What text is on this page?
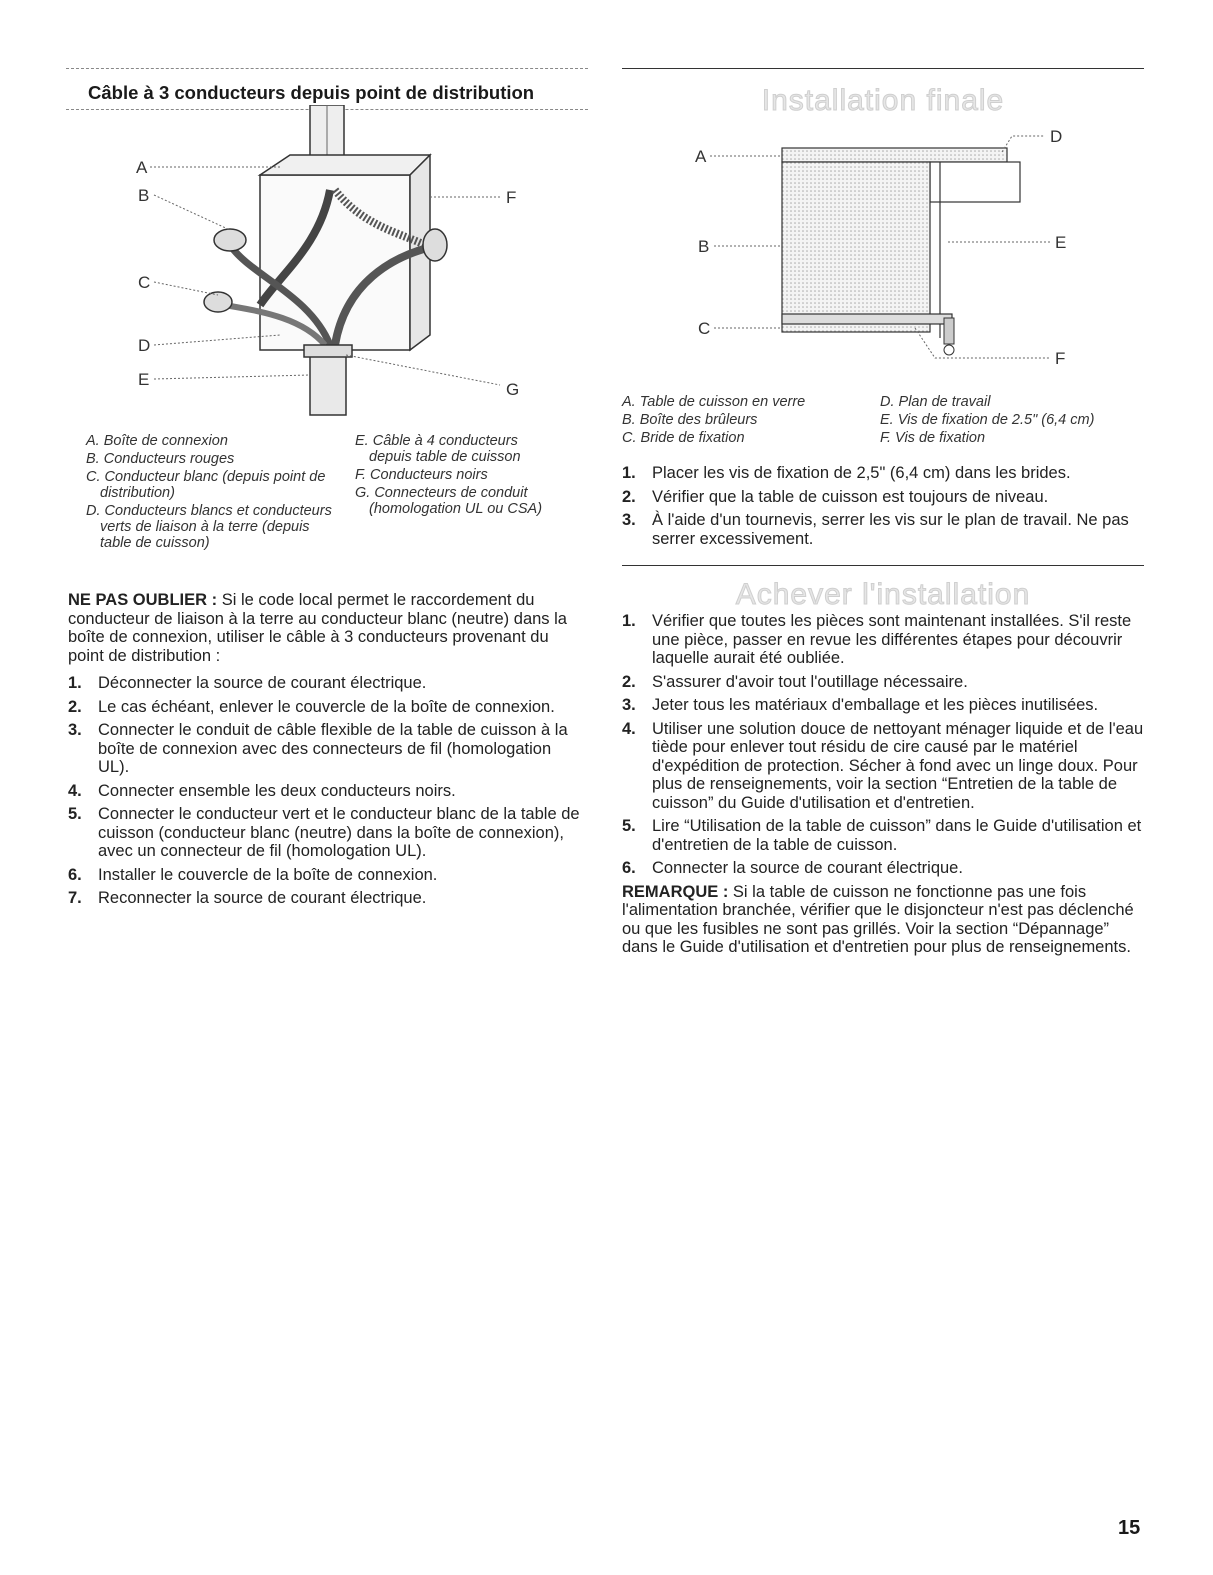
Câble à 3 conducteurs depuis point de distribution
A
B
C
D
E
F
G
A. Boîte de connexion
B. Conducteurs rouges
C. Conducteur blanc (depuis point de distribution)
D. Conducteurs blancs et conducteurs verts de liaison à la terre (depuis table de cuisson)
E. Câble à 4 conducteurs depuis table de cuisson
F. Conducteurs noirs
G. Connecteurs de conduit (homologation UL ou CSA)
NE PAS OUBLIER : Si le code local permet le raccordement du conducteur de liaison à la terre au conducteur blanc (neutre) dans la boîte de connexion, utiliser le câble à 3 conducteurs provenant du point de distribution :
1. Déconnecter la source de courant électrique.
2. Le cas échéant, enlever le couvercle de la boîte de connexion.
3. Connecter le conduit de câble flexible de la table de cuisson à la boîte de connexion avec des connecteurs de fil (homologation UL).
4. Connecter ensemble les deux conducteurs noirs.
5. Connecter le conducteur vert et le conducteur blanc de la table de cuisson (conducteur blanc (neutre) dans la boîte de connexion), avec un connecteur de fil (homologation UL).
6. Installer le couvercle de la boîte de connexion.
7. Reconnecter la source de courant électrique.
Installation finale
A
B
C
D
E
F
A. Table de cuisson en verre
B. Boîte des brûleurs
C. Bride de fixation
D. Plan de travail
E. Vis de fixation de 2.5" (6,4 cm)
F. Vis de fixation
1. Placer les vis de fixation de 2,5" (6,4 cm) dans les brides.
2. Vérifier que la table de cuisson est toujours de niveau.
3. À l'aide d'un tournevis, serrer les vis sur le plan de travail. Ne pas serrer excessivement.
Achever l'installation
1. Vérifier que toutes les pièces sont maintenant installées. S'il reste une pièce, passer en revue les différentes étapes pour découvrir laquelle aurait été oubliée.
2. S'assurer d'avoir tout l'outillage nécessaire.
3. Jeter tous les matériaux d'emballage et les pièces inutilisées.
4. Utiliser une solution douce de nettoyant ménager liquide et de l'eau tiède pour enlever tout résidu de cire causé par le matériel d'expédition de protection. Sécher à fond avec un linge doux. Pour plus de renseignements, voir la section “Entretien de la table de cuisson” du Guide d'utilisation et d'entretien.
5. Lire “Utilisation de la table de cuisson” dans le Guide d'utilisation et d'entretien de la table de cuisson.
6. Connecter la source de courant électrique.
REMARQUE : Si la table de cuisson ne fonctionne pas une fois l'alimentation branchée, vérifier que le disjoncteur n'est pas déclenché ou que les fusibles ne sont pas grillés. Voir la section “Dépannage” dans le Guide d'utilisation et d'entretien pour plus de renseignements.
15
